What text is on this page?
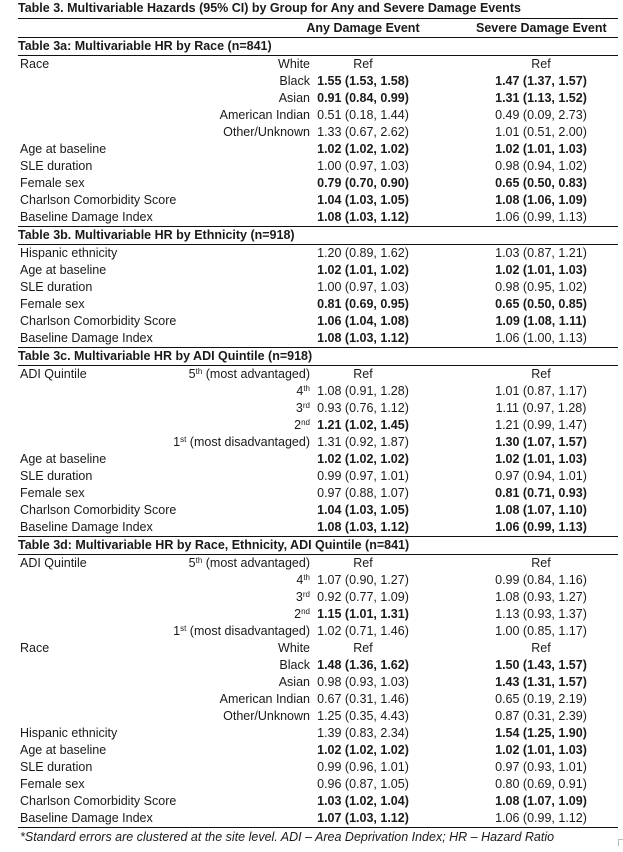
Table 3. Multivariable Hazards (95% CI) by Group for Any and Severe Damage Events
Any Damage Event	Severe Damage Event
Table 3a: Multivariable HR by Race (n=841)
Race	White	Ref	Ref
Black 1.55 (1.53, 1.58)	1.47 (1.37, 1.57)
Asian 0.91 (0.84, 0.99)	1.31 (1.13, 1.52)
American Indian 0.51 (0.18, 1.44)	0.49 (0.09, 2.73)
Other/Unknown 1.33 (0.67, 2.62)	1.01 (0.51, 2.00)
Age at baseline	1.02 (1.02, 1.02)	1.02 (1.01, 1.03)
SLE duration	1.00 (0.97, 1.03)	0.98 (0.94, 1.02)
Female sex	0.79 (0.70, 0.90)	0.65 (0.50, 0.83)
Charlson Comorbidity Score	1.04 (1.03, 1.05)	1.08 (1.06, 1.09)
Baseline Damage Index	1.08 (1.03, 1.12)	1.06 (0.99, 1.13)
Table 3b. Multivariable HR by Ethnicity (n=918)
Hispanic ethnicity	1.20 (0.89, 1.62)	1.03 (0.87, 1.21)
Age at baseline	1.02 (1.01, 1.02)	1.02 (1.01, 1.03)
SLE duration	1.00 (0.97, 1.03)	0.98 (0.95, 1.02)
Female sex	0.81 (0.69, 0.95)	0.65 (0.50, 0.85)
Charlson Comorbidity Score	1.06 (1.04, 1.08)	1.09 (1.08, 1.11)
Baseline Damage Index	1.08 (1.03, 1.12)	1.06 (1.00, 1.13)
Table 3c. Multivariable HR by ADI Quintile (n=918)
ADI Quintile	5th (most advantaged)	Ref	Ref
4th 1.08 (0.91, 1.28)	1.01 (0.87, 1.17)
3rd 0.93 (0.76, 1.12)	1.11 (0.97, 1.28)
2nd 1.21 (1.02, 1.45)	1.21 (0.99, 1.47)
1st (most disadvantaged) 1.31 (0.92, 1.87)	1.30 (1.07, 1.57)
Age at baseline	1.02 (1.02, 1.02)	1.02 (1.01, 1.03)
SLE duration	0.99 (0.97, 1.01)	0.97 (0.94, 1.01)
Female sex	0.97 (0.88, 1.07)	0.81 (0.71, 0.93)
Charlson Comorbidity Score	1.04 (1.03, 1.05)	1.08 (1.07, 1.10)
Baseline Damage Index	1.08 (1.03, 1.12)	1.06 (0.99, 1.13)
Table 3d: Multivariable HR by Race, Ethnicity, ADI Quintile (n=841)
ADI Quintile	5th (most advantaged)	Ref	Ref
4th 1.07 (0.90, 1.27)	0.99 (0.84, 1.16)
3rd 0.92 (0.77, 1.09)	1.08 (0.93, 1.27)
2nd 1.15 (1.01, 1.31)	1.13 (0.93, 1.37)
1st (most disadvantaged) 1.02 (0.71, 1.46)	1.00 (0.85, 1.17)
Race	White	Ref	Ref
Black 1.48 (1.36, 1.62)	1.50 (1.43, 1.57)
Asian 0.98 (0.93, 1.03)	1.43 (1.31, 1.57)
American Indian 0.67 (0.31, 1.46)	0.65 (0.19, 2.19)
Other/Unknown 1.25 (0.35, 4.43)	0.87 (0.31, 2.39)
Hispanic ethnicity	1.39 (0.83, 2.34)	1.54 (1.25, 1.90)
Age at baseline	1.02 (1.02, 1.02)	1.02 (1.01, 1.03)
SLE duration	0.99 (0.96, 1.01)	0.97 (0.93, 1.01)
Female sex	0.96 (0.87, 1.05)	0.80 (0.69, 0.91)
Charlson Comorbidity Score	1.03 (1.02, 1.04)	1.08 (1.07, 1.09)
Baseline Damage Index	1.07 (1.03, 1.12)	1.06 (0.99, 1.12)
*Standard errors are clustered at the site level. ADI – Area Deprivation Index; HR – Hazard Ratio
